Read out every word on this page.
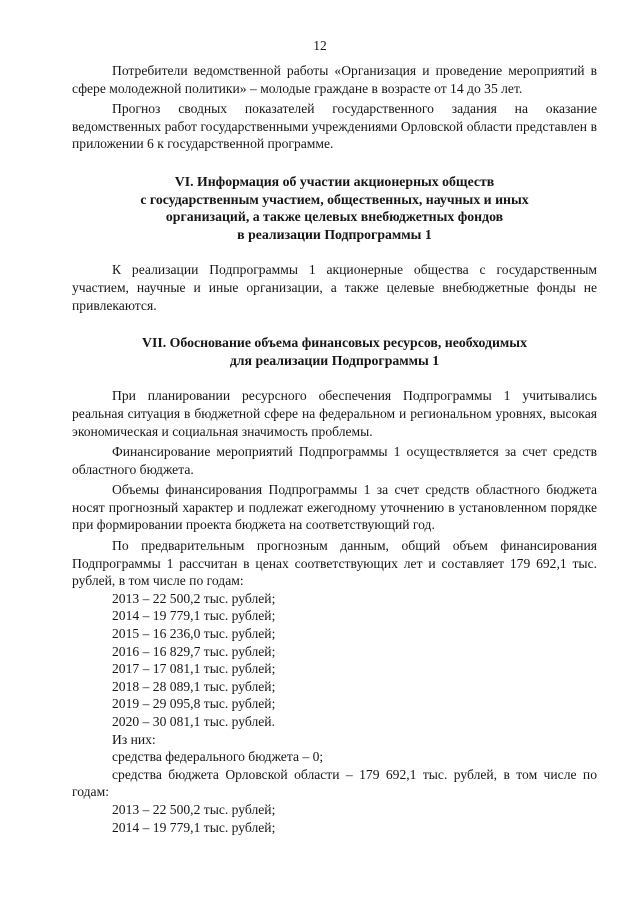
12

Потребители ведомственной работы «Организация и проведение мероприятий в сфере молодежной политики» – молодые граждане в возрасте от 14 до 35 лет.

Прогноз сводных показателей государственного задания на оказание ведомственных работ государственными учреждениями Орловской области представлен в приложении 6 к государственной программе.

VI. Информация об участии акционерных обществ
с государственным участием, общественных, научных и иных
организаций, а также целевых внебюджетных фондов
в реализации Подпрограммы 1

К реализации Подпрограммы 1 акционерные общества с государственным участием, научные и иные организации, а также целевые внебюджетные фонды не привлекаются.

VII. Обоснование объема финансовых ресурсов, необходимых
для реализации Подпрограммы 1

При планировании ресурсного обеспечения Подпрограммы 1 учитывались реальная ситуация в бюджетной сфере на федеральном и региональном уровнях, высокая экономическая и социальная значимость проблемы.

Финансирование мероприятий Подпрограммы 1 осуществляется за счет средств областного бюджета.

Объемы финансирования Подпрограммы 1 за счет средств областного бюджета носят прогнозный характер и подлежат ежегодному уточнению в установленном порядке при формировании проекта бюджета на соответствующий год.

По предварительным прогнозным данным, общий объем финансирования Подпрограммы 1 рассчитан в ценах соответствующих лет и составляет 179 692,1 тыс. рублей, в том числе по годам:

2013 – 22 500,2 тыс. рублей;
2014 – 19 779,1 тыс. рублей;
2015 – 16 236,0 тыс. рублей;
2016 – 16 829,7 тыс. рублей;
2017 – 17 081,1 тыс. рублей;
2018 – 28 089,1 тыс. рублей;
2019 – 29 095,8 тыс. рублей;
2020 – 30 081,1 тыс. рублей.
Из них:
средства федерального бюджета – 0;

средства бюджета Орловской области – 179 692,1 тыс. рублей, в том числе по годам:

2013 – 22 500,2 тыс. рублей;
2014 – 19 779,1 тыс. рублей;
